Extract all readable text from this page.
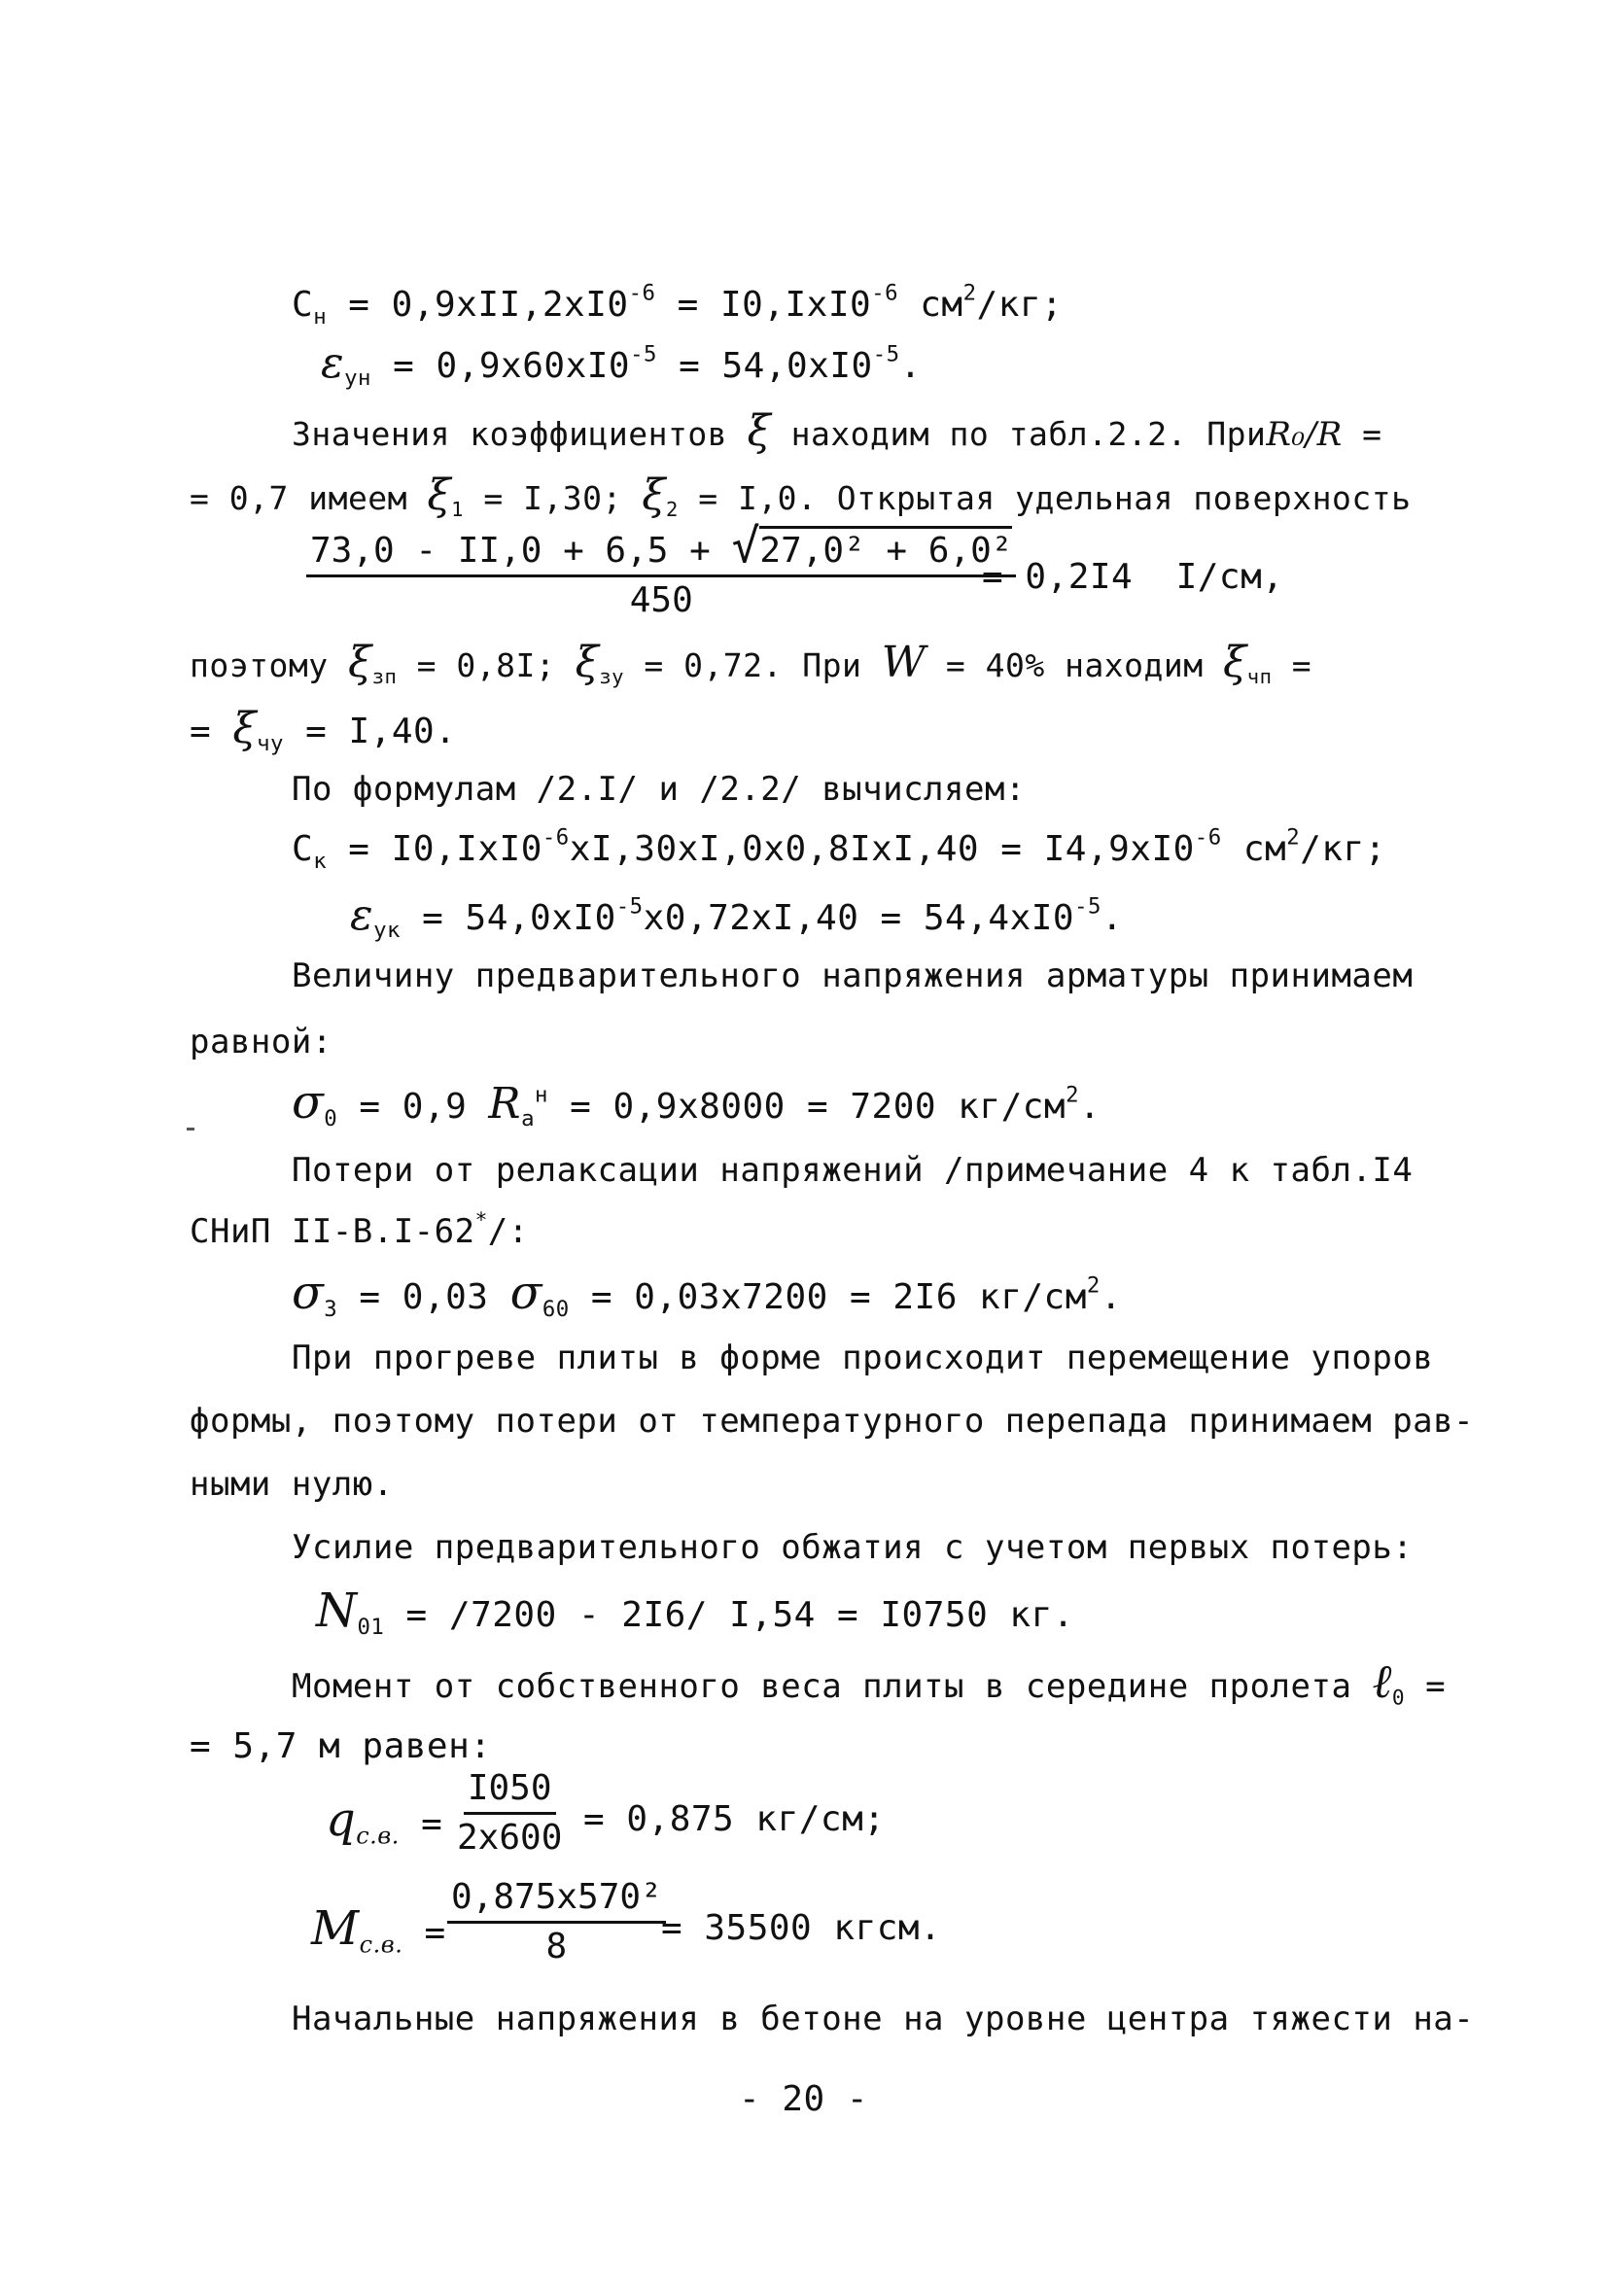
$C_н = 0,9xII,2xI0^{-6} = I0,IxI0^{-6}$ $см^2/кг$;
$\varepsilon_{ун} = 0,9x60xI0^{-5} = 54,0xI0^{-5}$.
Значения коэффициентов ξ находим по табл.2.2. ПриR₀/R =
= 0,7 имеем $\xi_1 = I,30$; $\xi_2 = I,0$. Открытая удельная поверхность
$\frac{\text{73,0 - II,0 + 6,5 + √27,0² + 6,0²}}{450}$
= 0,2I4  I/см,
поэтому $\xi_{зп} = 0,8I$; $\xi_{зу} = 0,72$. При W = 40% находим $\xi_{чп}$ =
= $\xi_{чу} = I,40$.
По формулам /2.I/ и /2.2/ вычисляем:
$C_к = I0,IxI0^{-6}xI,30xI,0x0,8IxI,40 = I4,9xI0^{-6}$ $см^2/кг$;
$\varepsilon_{ук} = 54,0xI0^{-5}x0,72xI,40 = 54,4xI0^{-5}$.
Величину предварительного напряжения арматуры принимаем
равной:
$\sigma_0 = 0,9$ $R_a^н = 0,9x8000 = 7200$ $кг/см^2$.
Потери от релаксации напряжений /примечание 4 к табл.I4
СНиП II-В.I-62*/:
$\sigma_3 = 0,03$ $\sigma_{60} = 0,03x7200 = 2I6$ $кг/см^2$.
При прогреве плиты в форме происходит перемещение упоров
формы, поэтому потери от температурного перепада принимаем рав-
ными нулю.
Усилие предварительного обжатия с учетом первых потерь:
$N_{01} = /7200 - 2I6/$ I,54 = I0750 кг.
Момент от собственного веса плиты в середине пролета ℓ$_0$ =
= 5,7 м равен:
$q_{с.в.} = \frac{I050}{2x600} = 0,875$ кг/см;
$M_{с.в.} = \frac{\text{0,875x570²}}{8}$
= 35500 кгсм.
Начальные напряжения в бетоне на уровне центра тяжести на-
- 20 -
